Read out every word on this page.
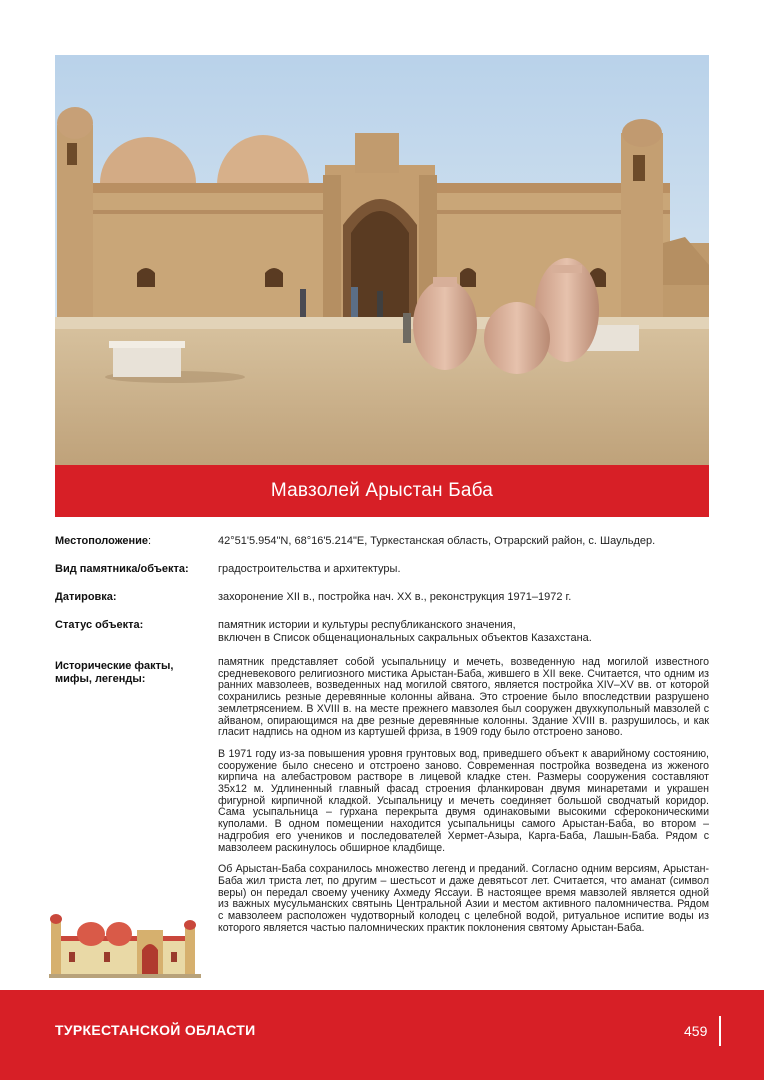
Мавзолей Арыстан Баба
Местоположение:	42°51'5.954"N, 68°16'5.214"E, Туркестанская область, Отрарский район, с. Шаульдер.
Вид памятника/объекта:	градостроительства и архитектуры.
Датировка:	захоронение XII в., постройка нач. XX в., реконструкция 1971–1972 г.
Статус объекта:	памятник истории и культуры республиканского значения,

включен в Список общенациональных сакральных объектов Казахстана.

Исторические факты, мифы, легенды:

памятник представляет собой усыпальницу и мечеть, возведенную над могилой известного средневекового религиозного мистика Арыстан-Баба, жившего в XII веке. Считается, что одним из ранних мавзолеев, возведенных над могилой святого, является постройка XIV–XV вв. от которой сохранились резные деревянные колонны айвана. Это строение было впоследствии разрушено землетрясением. В XVIII в. на месте прежнего мавзолея был сооружен двухкупольный мавзолей с айваном, опирающимся на две резные деревянные колонны. Здание XVIII в. разрушилось, и как гласит надпись на одном из картушей фриза, в 1909 году было отстроено заново.

В 1971 году из-за повышения уровня грунтовых вод, приведшего объект к аварийному состоянию, сооружение было снесено и отстроено заново. Современная постройка возведена из жженого кирпича на алебастровом растворе в лицевой кладке стен. Размеры сооружения составляют 35х12 м. Удлиненный главный фасад строения фланкирован двумя минаретами и украшен фигурной кирпичной кладкой. Усыпальницу и мечеть соединяет большой сводчатый коридор. Сама усыпальница – гурхана перекрыта двумя одинаковыми высокими сфероконическими куполами. В одном помещении находится усыпальницы самого Арыстан-Баба, во втором – надгробия его учеников и последователей Хермет-Азыра, Карга-Баба, Лашын-Баба. Рядом с мавзолеем раскинулось обширное кладбище.

Об Арыстан-Баба сохранилось множество легенд и преданий. Согласно одним версиям, Арыстан-Баба жил триста лет, по другим – шестьсот и даже девятьсот лет. Считается, что аманат (символ веры) он передал своему ученику Ахмеду Яссауи. В настоящее время мавзолей является одной из важных мусульманских святынь Центральной Азии и местом активного паломничества. Рядом с мавзолеем расположен чудотворный колодец с целебной водой, ритуальное испитие воды из которого является частью паломнических практик поклонения святому Арыстан-Баба.

ТУРКЕСТАНСКОЙ ОБЛАСТИ	459
